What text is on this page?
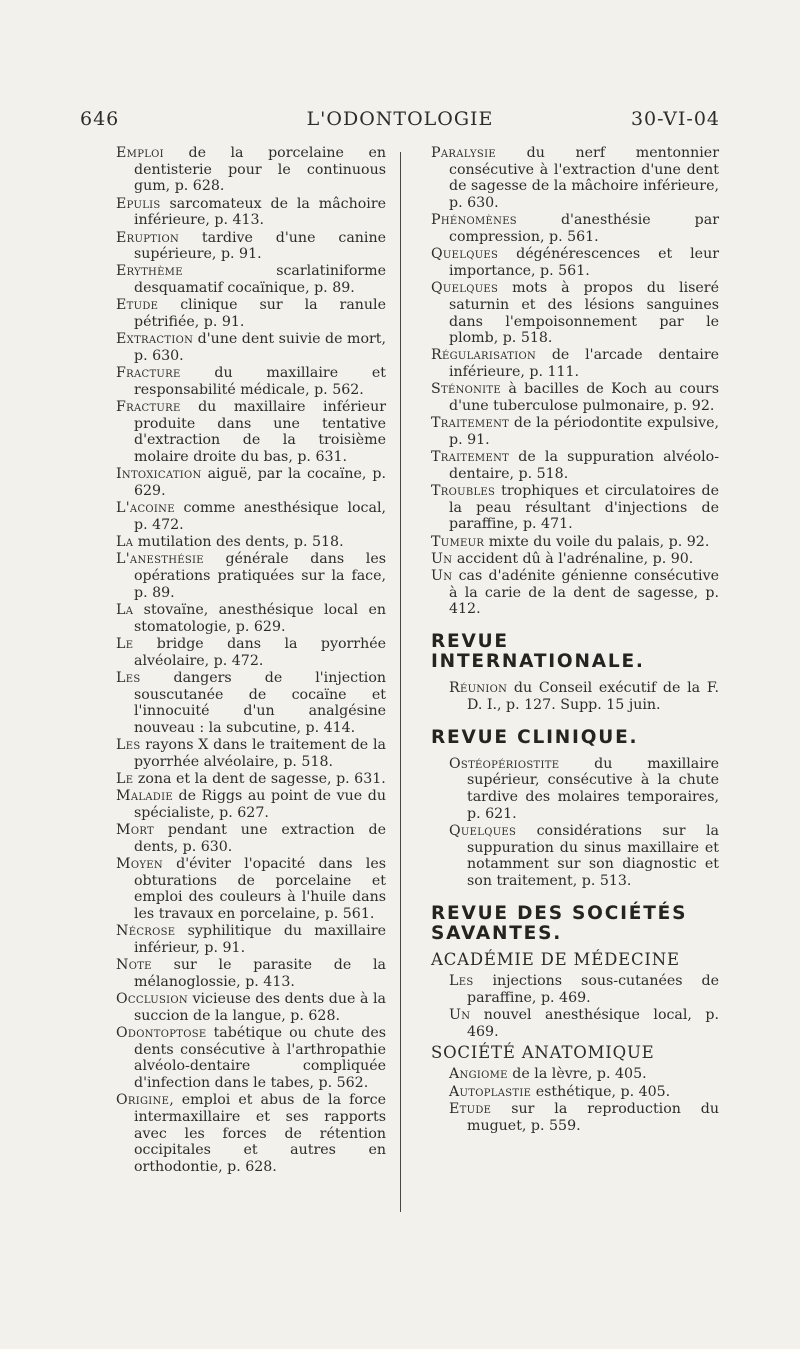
646	L'ODONTOLOGIE	30-VI-04
Emploi de la porcelaine en dentisterie pour le continuous gum, p. 628.
Epulis sarcomateux de la mâchoire inférieure, p. 413.
Eruption tardive d'une canine supérieure, p. 91.
Erythème scarlatiniforme desquamatif cocaïnique, p. 89.
Etude clinique sur la ranule pétrifiée, p. 91.
Extraction d'une dent suivie de mort, p. 630.
Fracture du maxillaire et responsabilité médicale, p. 562.
Fracture du maxillaire inférieur produite dans une tentative d'extraction de la troisième molaire droite du bas, p. 631.
Intoxication aiguë, par la cocaïne, p. 629.
L'acoine comme anesthésique local, p. 472.
La mutilation des dents, p. 518.
L'anesthésie générale dans les opérations pratiquées sur la face, p. 89.
La stovaïne, anesthésique local en stomatologie, p. 629.
Le bridge dans la pyorrhée alvéolaire, p. 472.
Les dangers de l'injection souscutanée de cocaïne et l'innocuité d'un analgésine nouveau : la subcutine, p. 414.
Les rayons X dans le traitement de la pyorrhée alvéolaire, p. 518.
Le zona et la dent de sagesse, p. 631.
Maladie de Riggs au point de vue du spécialiste, p. 627.
Mort pendant une extraction de dents, p. 630.
Moyen d'éviter l'opacité dans les obturations de porcelaine et emploi des couleurs à l'huile dans les travaux en porcelaine, p. 561.
Nécrose syphilitique du maxillaire inférieur, p. 91.
Note sur le parasite de la mélanoglossie, p. 413.
Occlusion vicieuse des dents due à la succion de la langue, p. 628.
Odontoptose tabétique ou chute des dents consécutive à l'arthropathie alvéolo-dentaire compliquée d'infection dans le tabes, p. 562.
Origine, emploi et abus de la force intermaxillaire et ses rapports avec les forces de rétention occipitales et autres en orthodontie, p. 628.
Paralysie du nerf mentonnier consécutive à l'extraction d'une dent de sagesse de la mâchoire inférieure, p. 630.
Phénomènes d'anesthésie par compression, p. 561.
Quelques dégénérescences et leur importance, p. 561.
Quelques mots à propos du liseré saturnin et des lésions sanguines dans l'empoisonnement par le plomb, p. 518.
Régularisation de l'arcade dentaire inférieure, p. 111.
Sténonite à bacilles de Koch au cours d'une tuberculose pulmonaire, p. 92.
Traitement de la périodontite expulsive, p. 91.
Traitement de la suppuration alvéolo-dentaire, p. 518.
Troubles trophiques et circulatoires de la peau résultant d'injections de paraffine, p. 471.
Tumeur mixte du voile du palais, p. 92.
Un accident dû à l'adrénaline, p. 90.
Un cas d'adénite génienne consécutive à la carie de la dent de sagesse, p. 412.
REVUE INTERNATIONALE.
Réunion du Conseil exécutif de la F. D. I., p. 127. Supp. 15 juin.
REVUE CLINIQUE.
Ostéopériostite du maxillaire supérieur, consécutive à la chute tardive des molaires temporaires, p. 621.
Quelques considérations sur la suppuration du sinus maxillaire et notamment sur son diagnostic et son traitement, p. 513.
REVUE DES SOCIÉTÉS SAVANTES.
ACADÉMIE DE MÉDECINE
Les injections sous-cutanées de paraffine, p. 469.
Un nouvel anesthésique local, p. 469.
SOCIÉTÉ ANATOMIQUE
Angiome de la lèvre, p. 405.
Autoplastie esthétique, p. 405.
Etude sur la reproduction du muguet, p. 559.
